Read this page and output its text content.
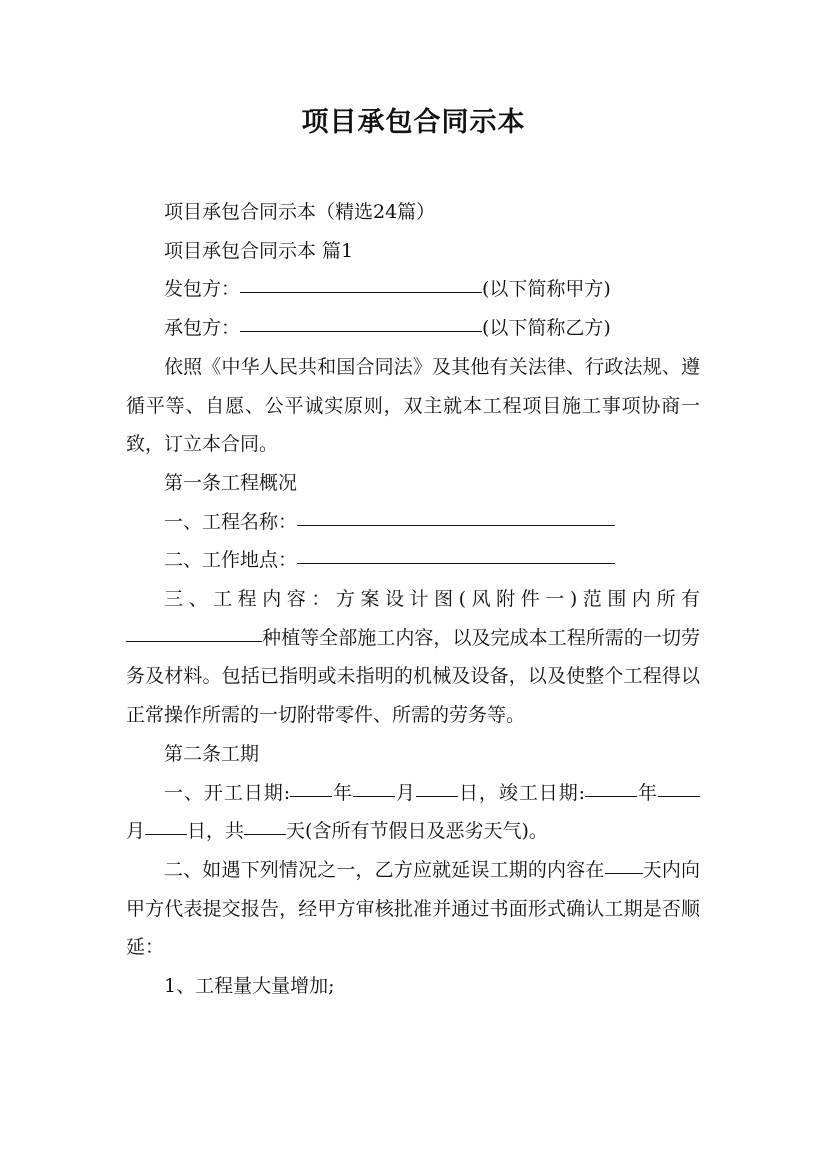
项目承包合同示本

项目承包合同示本（精选24篇）

项目承包合同示本 篇1

发包方：	(以下简称甲方)

承包方：	(以下简称乙方)

依照《中华人民共和国合同法》及其他有关法律、行政法规、遵循平等、自愿、公平诚实原则，双主就本工程项目施工事项协商一致，订立本合同。

第一条工程概况

一、工程名称：

二、工作地点：

三、工程内容：方案设计图(风附件一)范围内所有种植等全部施工内容，以及完成本工程所需的一切劳务及材料。包括已指明或未指明的机械及设备，以及使整个工程得以正常操作所需的一切附带零件、所需的劳务等。

第二条工期

一、开工日期: 年 月 日，竣工日期:	年月 日，共 天(含所有节假日及恶劣天气)。

二、如遇下列情况之一，乙方应就延误工期的内容在 天内向甲方代表提交报告，经甲方审核批准并通过书面形式确认工期是否顺延：

1、工程量大量增加;
